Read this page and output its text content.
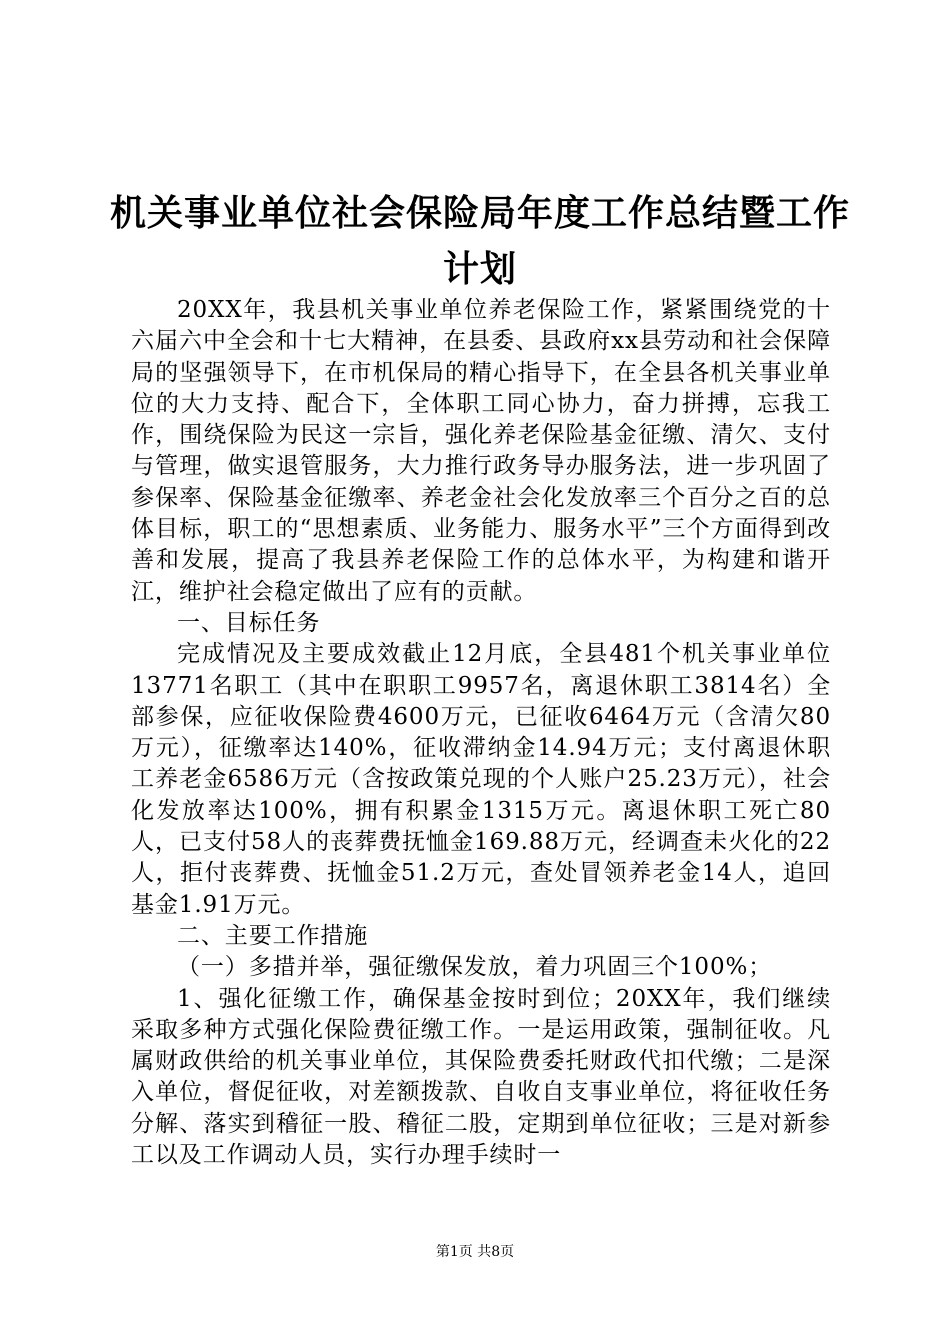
机关事业单位社会保险局年度工作总结暨工作计划

20XX年，我县机关事业单位养老保险工作，紧紧围绕党的十六届六中全会和十七大精神，在县委、县政府xx县劳动和社会保障局的坚强领导下，在市机保局的精心指导下，在全县各机关事业单位的大力支持、配合下，全体职工同心协力，奋力拼搏，忘我工作，围绕保险为民这一宗旨，强化养老保险基金征缴、清欠、支付与管理，做实退管服务，大力推行政务导办服务法，进一步巩固了参保率、保险基金征缴率、养老金社会化发放率三个百分之百的总体目标，职工的“思想素质、业务能力、服务水平”三个方面得到改善和发展，提高了我县养老保险工作的总体水平，为构建和谐开江，维护社会稳定做出了应有的贡献。

一、目标任务

完成情况及主要成效截止12月底，全县481个机关事业单位13771名职工（其中在职职工9957名，离退休职工3814名）全部参保，应征收保险费4600万元，已征收6464万元（含清欠80万元），征缴率达140%，征收滞纳金14.94万元；支付离退休职工养老金6586万元（含按政策兑现的个人账户25.23万元），社会化发放率达100%，拥有积累金1315万元。离退休职工死亡80人，已支付58人的丧葬费抚恤金169.88万元，经调查未火化的22人，拒付丧葬费、抚恤金51.2万元，查处冒领养老金14人，追回基金1.91万元。

二、主要工作措施

（一）多措并举，强征缴保发放，着力巩固三个100%；

1、强化征缴工作，确保基金按时到位；20XX年，我们继续采取多种方式强化保险费征缴工作。一是运用政策，强制征收。凡属财政供给的机关事业单位，其保险费委托财政代扣代缴；二是深入单位，督促征收，对差额拨款、自收自支事业单位，将征收任务分解、落实到稽征一股、稽征二股，定期到单位征收；三是对新参工以及工作调动人员，实行办理手续时一

第1页 共8页
